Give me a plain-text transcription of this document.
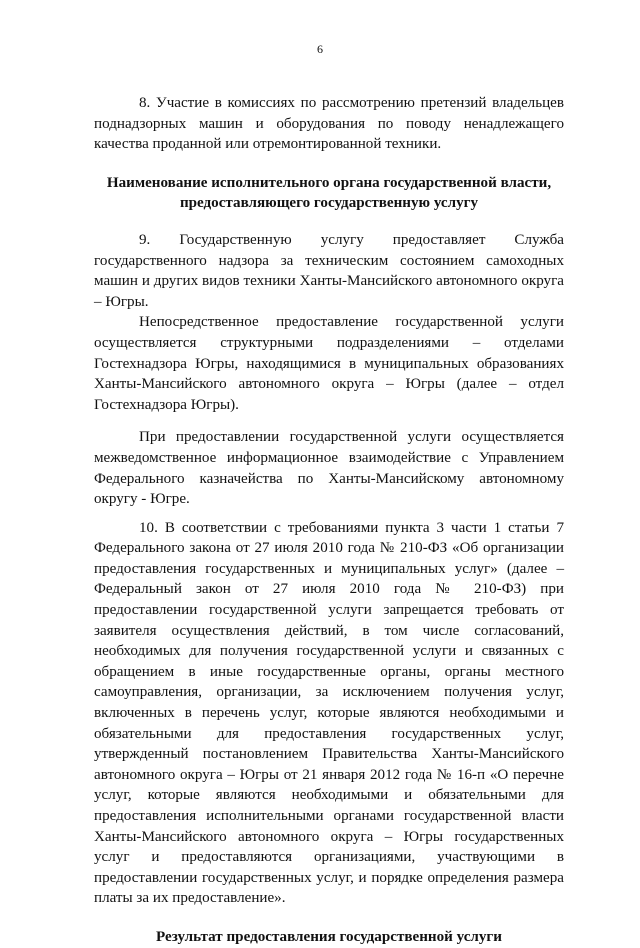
6

8. Участие в комиссиях по рассмотрению претензий владельцев поднадзорных машин и оборудования по поводу ненадлежащего качества проданной или отремонтированной техники.

Наименование исполнительного органа государственной власти, предоставляющего государственную услугу

9. Государственную услугу предоставляет Служба государственного надзора за техническим состоянием самоходных машин и других видов техники Ханты-Мансийского автономного округа – Югры.

Непосредственное предоставление государственной услуги осуществляется структурными подразделениями – отделами Гостехнадзора Югры, находящимися в муниципальных образованиях Ханты-Мансийского автономного округа – Югры (далее – отдел Гостехнадзора Югры).

При предоставлении государственной услуги осуществляется межведомственное информационное взаимодействие с Управлением Федерального казначейства по Ханты-Мансийскому автономному округу - Югре.

10. В соответствии с требованиями пункта 3 части 1 статьи 7 Федерального закона от 27 июля 2010 года № 210-ФЗ «Об организации предоставления государственных и муниципальных услуг» (далее – Федеральный закон от 27 июля 2010 года № 210-ФЗ) при предоставлении государственной услуги запрещается требовать от заявителя осуществления действий, в том числе согласований, необходимых для получения государственной услуги и связанных с обращением в иные государственные органы, органы местного самоуправления, организации, за исключением получения услуг, включенных в перечень услуг, которые являются необходимыми и обязательными для предоставления государственных услуг, утвержденный постановлением Правительства Ханты-Мансийского автономного округа – Югры от 21 января 2012 года № 16-п «О перечне услуг, которые являются необходимыми и обязательными для предоставления исполнительными органами государственной власти Ханты-Мансийского автономного округа – Югры государственных услуг и предоставляются организациями, участвующими в предоставлении государственных услуг, и порядке определения размера платы за их предоставление».

Результат предоставления государственной услуги
